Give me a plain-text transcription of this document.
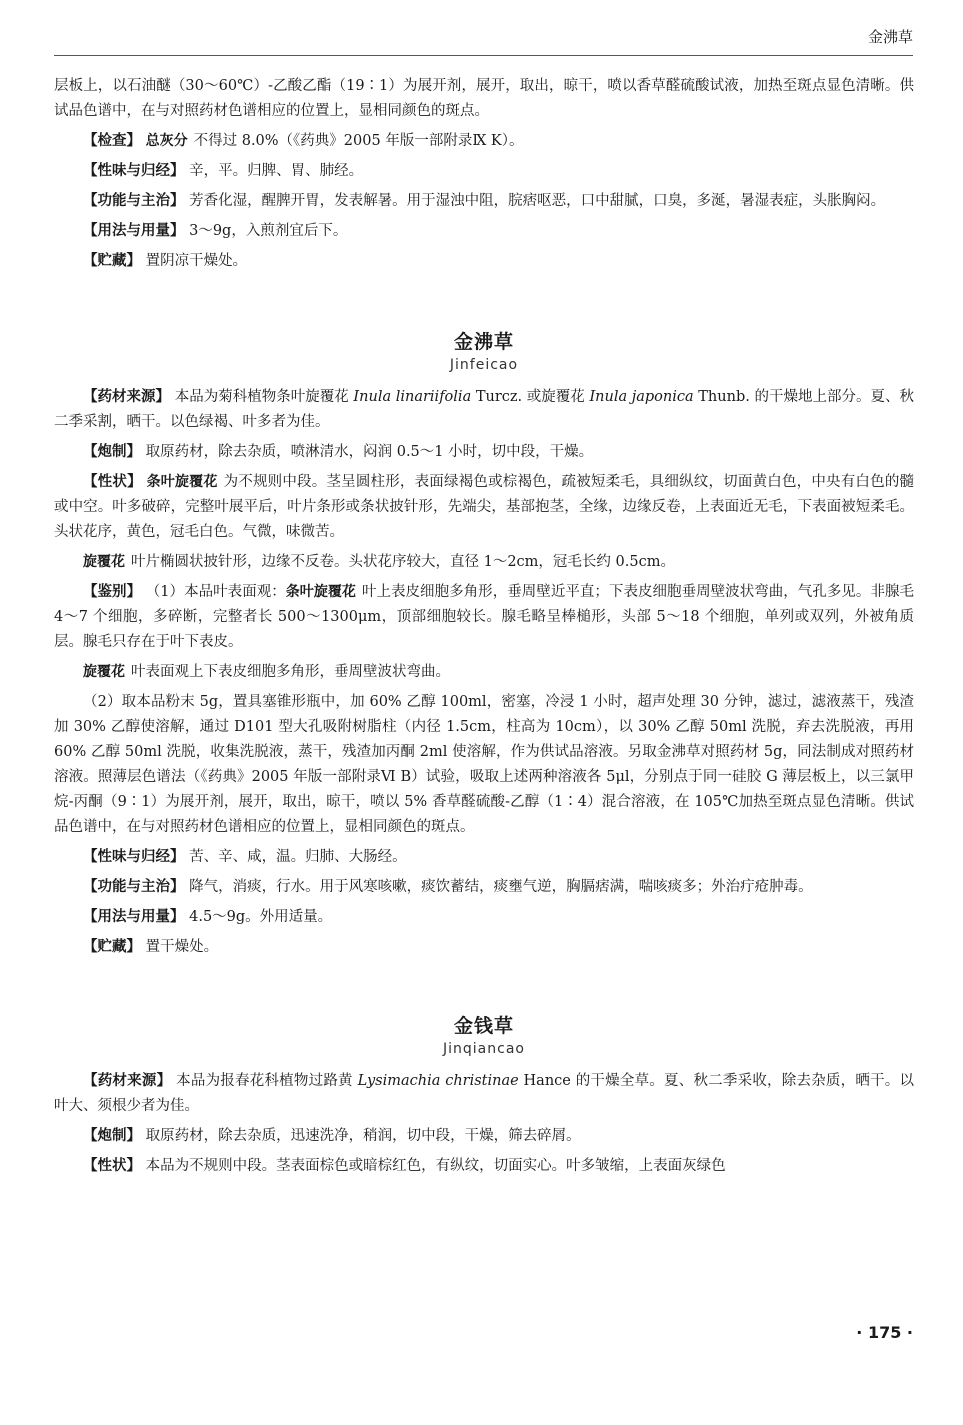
金沸草

层板上，以石油醚（30～60℃）-乙酸乙酯（19∶1）为展开剂，展开，取出，晾干，喷以香草醛硫酸试液，加热至斑点显色清晰。供试品色谱中，在与对照药材色谱相应的位置上，显相同颜色的斑点。

【检查】 总灰分 不得过 8.0%（《药典》2005 年版一部附录Ⅸ K）。

【性味与归经】 辛，平。归脾、胃、肺经。

【功能与主治】 芳香化湿，醒脾开胃，发表解暑。用于湿浊中阻，脘痞呕恶，口中甜腻，口臭，多涎，暑湿表症，头胀胸闷。

【用法与用量】 3～9g，入煎剂宜后下。

【贮藏】 置阴凉干燥处。

金沸草
Jinfeicao

【药材来源】 本品为菊科植物条叶旋覆花 Inula linariifolia Turcz. 或旋覆花 Inula japonica Thunb. 的干燥地上部分。夏、秋二季采割，晒干。以色绿褐、叶多者为佳。

【炮制】 取原药材，除去杂质，喷淋清水，闷润 0.5～1 小时，切中段，干燥。

【性状】 条叶旋覆花 为不规则中段。茎呈圆柱形，表面绿褐色或棕褐色，疏被短柔毛，具细纵纹，切面黄白色，中央有白色的髓或中空。叶多破碎，完整叶展平后，叶片条形或条状披针形，先端尖，基部抱茎，全缘，边缘反卷，上表面近无毛，下表面被短柔毛。头状花序，黄色，冠毛白色。气微，味微苦。

旋覆花 叶片椭圆状披针形，边缘不反卷。头状花序较大，直径 1～2cm，冠毛长约 0.5cm。

【鉴别】 （1）本品叶表面观：条叶旋覆花 叶上表皮细胞多角形，垂周壁近平直；下表皮细胞垂周壁波状弯曲，气孔多见。非腺毛 4～7 个细胞，多碎断，完整者长 500～1300μm，顶部细胞较长。腺毛略呈棒槌形，头部 5～18 个细胞，单列或双列，外被角质层。腺毛只存在于叶下表皮。

旋覆花 叶表面观上下表皮细胞多角形，垂周壁波状弯曲。

（2）取本品粉末 5g，置具塞锥形瓶中，加 60% 乙醇 100ml，密塞，冷浸 1 小时，超声处理 30 分钟，滤过，滤液蒸干，残渣加 30% 乙醇使溶解，通过 D101 型大孔吸附树脂柱（内径 1.5cm，柱高为 10cm），以 30% 乙醇 50ml 洗脱，弃去洗脱液，再用 60% 乙醇 50ml 洗脱，收集洗脱液，蒸干，残渣加丙酮 2ml 使溶解，作为供试品溶液。另取金沸草对照药材 5g，同法制成对照药材溶液。照薄层色谱法（《药典》2005 年版一部附录Ⅵ B）试验，吸取上述两种溶液各 5μl，分别点于同一硅胶 G 薄层板上，以三氯甲烷-丙酮（9∶1）为展开剂，展开，取出，晾干，喷以 5% 香草醛硫酸-乙醇（1∶4）混合溶液，在 105℃加热至斑点显色清晰。供试品色谱中，在与对照药材色谱相应的位置上，显相同颜色的斑点。

【性味与归经】 苦、辛、咸，温。归肺、大肠经。

【功能与主治】 降气，消痰，行水。用于风寒咳嗽，痰饮蓄结，痰壅气逆，胸膈痞满，喘咳痰多；外治疔疮肿毒。

【用法与用量】 4.5～9g。外用适量。

【贮藏】 置干燥处。

金钱草
Jinqiancao

【药材来源】 本品为报春花科植物过路黄 Lysimachia christinae Hance 的干燥全草。夏、秋二季采收，除去杂质，晒干。以叶大、须根少者为佳。

【炮制】 取原药材，除去杂质，迅速洗净，稍润，切中段，干燥，筛去碎屑。

【性状】 本品为不规则中段。茎表面棕色或暗棕红色，有纵纹，切面实心。叶多皱缩，上表面灰绿色

· 175 ·
